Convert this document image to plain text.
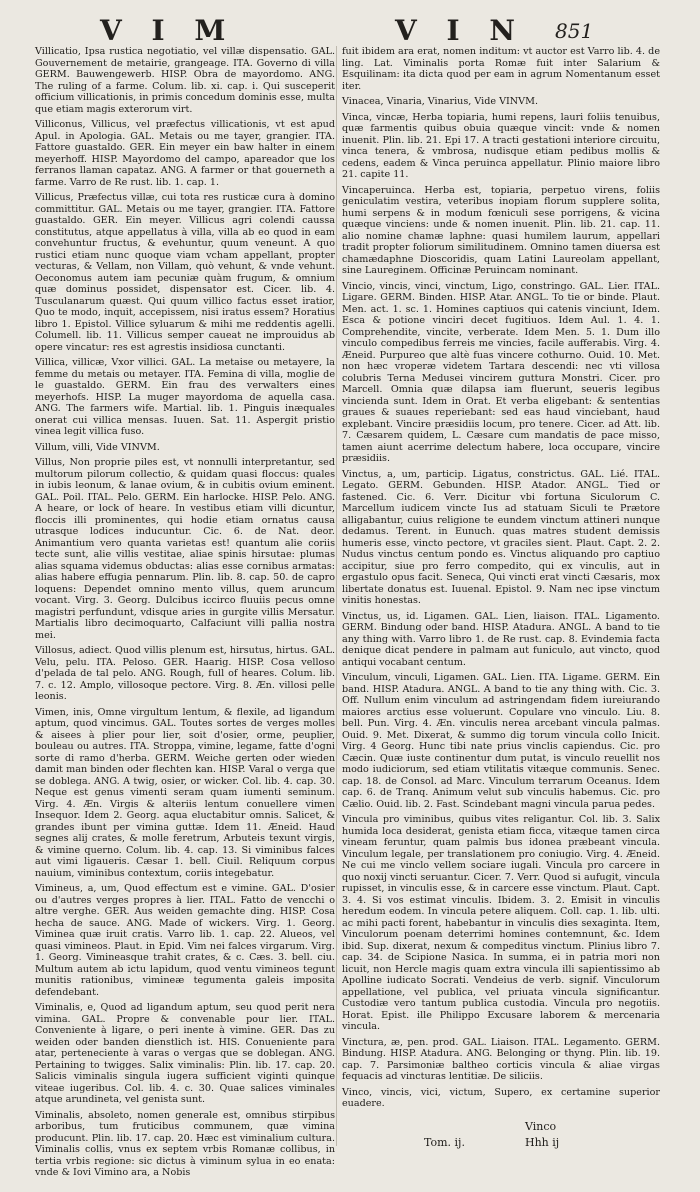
V I M	V I N 851

Villicatio, Ipsa rustica negotiatio, vel villæ dispensatio. GAL. Gouvernement de metairie, grangeage. ITA. Governo di villa GERM. Bauwengewerb. HISP. Obra de mayordomo. ANG. The ruling of a farme. Colum. lib. xi. cap. i. Qui susceperit officium villicationis, in primis concedum dominis esse, multa que etiam magis exterorum virt.

Villiconus, Villicus, vel præfectus villicationis, vt est apud Apul. in Apologia. GAL. Metais ou me tayer, grangier. ITA. Fattore guastaldo. GER. Ein meyer ein baw halter in einem meyerhoff. HISP. Mayordomo del campo, apareador que los ferranos llaman capataz. ANG. A farmer or that gouerneth a farme. Varro de Re rust. lib. 1. cap. 1.

Villicus, Præfectus villæ, cui tota res rusticæ cura à domino committitur. GAL. Metais ou me tayer, grangier. ITA. Fattore guastaldo. GER. Ein meyer. Villicus agri colendi caussa constitutus, atque appellatus à villa, villa ab eo quod in eam convehuntur fructus, & evehuntur, quum veneunt. A quo rustici etiam nunc quoque viam vcham appellant, propter vecturas, & Vellam, non Villam, quò vehunt, & vnde vehunt. Oeconomus autem iam pecuniæ quàm frugum, & omnium quæ dominus possidet, dispensator est. Cicer. lib. 4. Tusculanarum quæst. Qui quum villico factus esset iratior, Quo te modo, inquit, accepissem, nisi iratus essem? Horatius libro 1. Epistol. Villice syluarum & mihi me reddentis agelli. Columell. lib. 11. Villicus semper caueat ne improuidus ab opere vincatur: res est agrestis insidiosa cunctanti.

Villica, villicæ, Vxor villici. GAL. La metaise ou metayere, la femme du metais ou metayer. ITA. Femina di villa, moglie de le guastaldo. GERM. Ein frau des verwalters eines meyerhofs. HISP. La muger mayordoma de aquella casa. ANG. The farmers wife. Martial. lib. 1. Pinguis inæquales onerat cui villica mensas. Iuuen. Sat. 11. Aspergit pristio vinea legit villica fuso.

Villum, villi, Vide VINVM.

Villus, Non proprie piles est, vt nonnulli interpretantur, sed multorum pilorum collectio, & quidam quasi floccus: quales in iubis leonum, & lanae ovium, & in cubitis ovium eminent. GAL. Poil. ITAL. Pelo. GERM. Ein harlocke. HISP. Pelo. ANG. A heare, or lock of heare. In vestibus etiam villi dicuntur, floccis illi prominentes, qui hodie etiam ornatus causa utrasque lodices inducuntur. Cic. 6. de Nat. deor. Animantium vero quanta varietas est! quantum alie coriis tecte sunt, alie villis vestitae, aliae spinis hirsutae: plumas alias squama videmus obductas: alias esse cornibus armatas: alias habere effugia pennarum. Plin. lib. 8. cap. 50. de capro loquens: Dependet omnino mento villus, quem aruncum vocant. Virg. 3. Georg. Dulcibus iccirco fluuiis pecus omne magistri perfundunt, vdisque aries in gurgite villis Mersatur. Martialis libro decimoquarto, Calfaciunt villi pallia nostra mei.

Villosus, adiect. Quod villis plenum est, hirsutus, hirtus. GAL. Velu, pelu. ITA. Peloso. GER. Haarig. HISP. Cosa velloso d'pelada de tal pelo. ANG. Rough, full of heares. Colum. lib. 7. c. 12. Amplo, villosoque pectore. Virg. 8. Æn. villosi pelle leonis.

Vimen, inis, Omne virgultum lentum, & flexile, ad ligandum aptum, quod vincimus. GAL. Toutes sortes de verges molles & aisees à plier pour lier, soit d'osier, orme, peuplier, bouleau ou autres. ITA. Stroppa, vimine, legame, fatte d'ogni sorte di ramo d'herba. GERM. Weiche gerten oder wieden damit man binden oder flechten kan. HISP. Varal o verga que se doblega. ANG. A twig, osier, or wicker. Col. lib. 4. cap. 30. Neque est genus vimenti seram quam iumenti seminum. Virg. 4. Æn. Virgis & alteriis lentum conuellere vimen Insequor. Idem 2. Georg. aqua eluctabitur omnis. Salicet, & grandes ibunt per vimina guttæ. Idem 11. Æneid. Haud segnes alij crates, & molle feretrum, Arbuteis texunt virgis, & vimine querno. Colum. lib. 4. cap. 13. Si viminibus falces aut vimi ligaueris. Cæsar 1. bell. Ciuil. Reliquum corpus nauium, viminibus contextum, coriis integebatur.

Vimineus, a, um, Quod effectum est e vimine. GAL. D'osier ou d'autres verges propres à lier. ITAL. Fatto de vencchi o altre verghe. GER. Aus weiden gemachte ding. HISP. Cosa hecha de sauce. ANG. Made of wickers. Virg. 1. Georg. Viminea quæ iruit cratis. Varro lib. 1. cap. 22. Alueos, vel quasi vimineos. Plaut. in Epid. Vim nei falces virgarum. Virg. 1. Georg. Vimineasque trahit crates, & c. Cæs. 3. bell. ciu. Multum autem ab ictu lapidum, quod ventu vimineos tegunt munitis rationibus, vimineæ tegumenta galeis imposita defendebant.

Viminalis, e, Quod ad ligandum aptum, seu quod perit nera vimina. GAL. Propre & convenable pour lier. ITAL. Conveniente à ligare, o peri inente à vimine. GER. Das zu weiden oder banden dienstlich ist. HIS. Conueniente para atar, perteneciente à varas o vergas que se doblegan. ANG. Pertaining to twigges. Salix viminalis: Plin. lib. 17. cap. 20. Salicis viminalis singula iugera sufficient viginti quinque viteae iugeribus. Col. lib. 4. c. 30. Quae salices viminales atque arundineta, vel genista sunt.

Viminalis, absoleto, nomen generale est, omnibus stirpibus arboribus, tum fruticibus communem, quæ vimina producunt. Plin. lib. 17. cap. 20. Hæc est viminalium cultura. Viminalis collis, vnus ex septem vrbis Romanæ collibus, in tertia vrbis regione: sic dictus à viminum sylua in eo enata: vnde & Iovi Vimino ara, a Nobis

fuit ibidem ara erat, nomen inditum: vt auctor est Varro lib. 4. de ling. Lat. Viminalis porta Romæ fuit inter Salarium & Esquilinam: ita dicta quod per eam in agrum Nomentanum esset iter.

Vinacea, Vinaria, Vinarius, Vide VINVM.

Vinca, vincæ, Herba topiaria, humi repens, lauri foliis tenuibus, quæ farmentis quibus obuia quæque vincit: vnde & nomen inuenit. Plin. lib. 21. Epi 17. A tracti gestationi interiore circuitu, vinca tenera, & vmbrosa, nudisque etiam pedibus mollis & cedens, eadem & Vinca peruinca appellatur. Plinio maiore libro 21. capite 11.

Vincaperuinca. Herba est, topiaria, perpetuo virens, foliis geniculatim vestira, veteribus inopiam florum supplere solita, humi serpens & in modum fœniculi sese porrigens, & vicina quæque vinciens: unde & nomen inuenit. Plin. lib. 21. cap. 11. alio nomine chamæ laphne: quasi humilem laurum, appellari tradit propter foliorum similitudinem. Omnino tamen diuersa est chamædaphne Dioscoridis, quam Latini Laureolam appellant, sine Laureginem. Officinæ Peruincam nominant.

Vincio, vincis, vinci, vinctum, Ligo, constringo. GAL. Lier. ITAL. Ligare. GERM. Binden. HISP. Atar. ANGL. To tie or binde. Plaut. Men. act. 1. sc. 1. Homines captiuos qui catenis vinciunt, Idem. Esca & potione vinciri decet fugitiuos. Idem Aul. 1. 4. 1. Comprehendite, vincite, verberate. Idem Men. 5. 1. Dum illo vinculo compedibus ferreis me vincies, facile aufferabis. Virg. 4. Æneid. Purpureo que altè fuas vincere cothurno. Ouid. 10. Met. non hæc vroperæ videtem Tartara descendi: nec vti villosa colubris Terna Medusei vincirem guttura Monstri. Cicer. pro Marcell. Omnia quæ dilapsa iam fluerunt, seueris legibus vincienda sunt. Idem in Orat. Et verba eligebant: & sententias graues & suaues reperiebant: sed eas haud vinciebant, haud explebant. Vincire præsidiis locum, pro tenere. Cicer. ad Att. lib. 7. Cæsarem quidem, L. Cæsare cum mandatis de pace misso, tamen aiunt acerrime delectum habere, loca occupare, vincire præsidiis.

Vinctus, a, um, particip. Ligatus, constrictus. GAL. Lié. ITAL. Legato. GERM. Gebunden. HISP. Atador. ANGL. Tied or fastened. Cic. 6. Verr. Dicitur vbi fortuna Siculorum C. Marcellum iudicem vincte Ius ad statuam Siculi te Prætore alligabantur, cuius religione te eundem vinctum attineri nunque dedamus. Terent. in Eunuch. quas matres student demissis humeris esse, vincto pectore, vt graciles sient. Plaut. Capt. 2. 2. Nudus vinctus centum pondo es. Vinctus aliquando pro captiuo accipitur, siue pro ferro compedito, qui ex vinculis, aut in ergastulo opus facit. Seneca, Qui vincti erat vincti Cæsaris, mox libertate donatus est. Iuuenal. Epistol. 9. Nam nec ipse vinctum vinitis honestas.

Vinctus, us, id. Ligamen. GAL. Lien, liaison. ITAL. Ligamento. GERM. Bindung oder band. HISP. Atadura. ANGL. A band to tie any thing with. Varro libro 1. de Re rust. cap. 8. Evindemia facta denique dicat pendere in palmam aut funiculo, aut vincto, quod antiqui vocabant centum.

Vinculum, vinculi, Ligamen. GAL. Lien. ITA. Ligame. GERM. Ein band. HISP. Atadura. ANGL. A band to tie any thing with. Cic. 3. Off. Nullum enim vinculum ad astringendam fidem iureiurando maiores arctius esse voluerunt. Copulare vno vinculo. Liu. 8. bell. Pun. Virg. 4. Æn. vinculis nerea arcebant vincula palmas. Ouid. 9. Met. Dixerat, & summo dig torum vincula collo Inicit. Virg. 4 Georg. Hunc tibi nate prius vinclis capiendus. Cic. pro Cæcin. Quæ iuste continentur dum putat, is vinculo reuellit nos modo iudiciorum, sed etiam vtilitatis vitæque communis. Senec. cap. 18. de Consol. ad Marc. Vinculum terrarum Oceanus. Idem cap. 6. de Tranq. Animum velut sub vinculis habemus. Cic. pro Cælio. Ouid. lib. 2. Fast. Scindebant magni vincula parua pedes.

Vincula pro viminibus, quibus vites religantur. Col. lib. 3. Salix humida loca desiderat, genista etiam ficca, vitæque tamen circa vineam feruntur, quam palmis bus idonea præbeant vincula. Vinculum legale, per translationem pro coniugio. Virg. 4. Æneid. Ne cui me vinclo vellem sociare iugali. Vincula pro carcere in quo noxij vincti seruantur. Cicer. 7. Verr. Quod si aufugit, vincula rupisset, in vinculis esse, & in carcere esse vinctum. Plaut. Capt. 3. 4. Si vos estimat vinculis. Ibidem. 3. 2. Emisit in vinculis heredum eodem. In vincula petere aliquem. Coll. cap. 1. lib. ulti. ac mihi pacti forent, habebantur in vinculis dies sexaginta. Item, Vinculorum poenam deterrimi homines contemnunt, &c. Idem ibid. Sup. dixerat, nexum & compeditus vinctum. Plinius libro 7. cap. 34. de Scipione Nasica. In summa, ei in patria mori non licuit, non Hercle magis quam extra vincula illi sapientissimo ab Apolline iudicato Socrati. Vendeius de verb. signif. Vinculorum appellatione, vel publica, vel priuata vincula significantur. Custodiæ vero tantum publica custodia. Vincula pro negotiis. Horat. Epist. ille Philippo Excusare laborem & mercenaria vincula.

Vinctura, æ, pen. prod. GAL. Liaison. ITAL. Legamento. GERM. Bindung. HISP. Atadura. ANG. Belonging or thyng. Plin. lib. 19. cap. 7. Parsimoniæ baltheo corticis vincula & aliae virgas fequacis ad vincturas lentitiæ. De siliciis.

Vinco, vincis, vici, victum, Supero, ex certamine superior euadere.

Tom. ij.
Vinco
Hhh ij
